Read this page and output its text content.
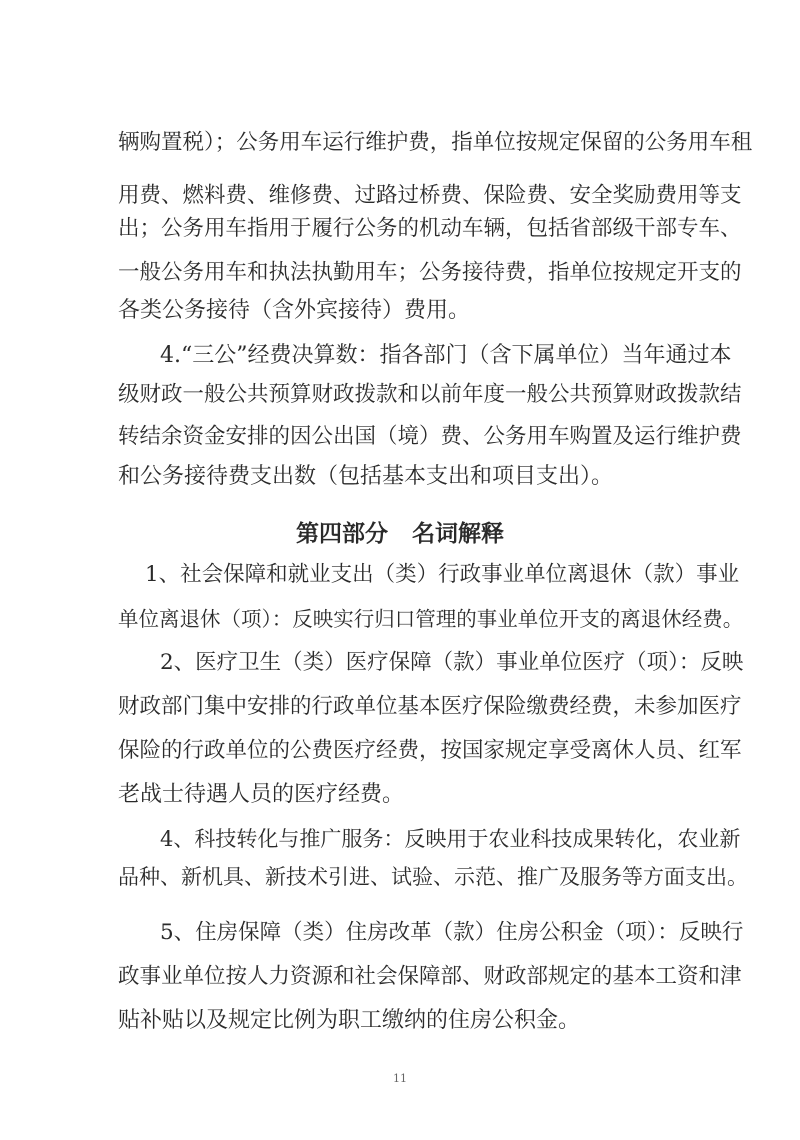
辆购置税）；公务用车运行维护费，指单位按规定保留的公务用车租
用费、燃料费、维修费、过路过桥费、保险费、安全奖励费用等支
出；公务用车指用于履行公务的机动车辆，包括省部级干部专车、
一般公务用车和执法执勤用车；公务接待费，指单位按规定开支的
各类公务接待（含外宾接待）费用。
4.“三公”经费决算数：指各部门（含下属单位）当年通过本
级财政一般公共预算财政拨款和以前年度一般公共预算财政拨款结
转结余资金安排的因公出国（境）费、公务用车购置及运行维护费
和公务接待费支出数（包括基本支出和项目支出）。
第四部分   名词解释
1、社会保障和就业支出（类）行政事业单位离退休（款）事业
单位离退休（项）：反映实行归口管理的事业单位开支的离退休经费。
2、医疗卫生（类）医疗保障（款）事业单位医疗（项）：反映
财政部门集中安排的行政单位基本医疗保险缴费经费，未参加医疗
保险的行政单位的公费医疗经费，按国家规定享受离休人员、红军
老战士待遇人员的医疗经费。
4、科技转化与推广服务：反映用于农业科技成果转化，农业新
品种、新机具、新技术引进、试验、示范、推广及服务等方面支出。
5、住房保障（类）住房改革（款）住房公积金（项）：反映行
政事业单位按人力资源和社会保障部、财政部规定的基本工资和津
贴补贴以及规定比例为职工缴纳的住房公积金。
11
